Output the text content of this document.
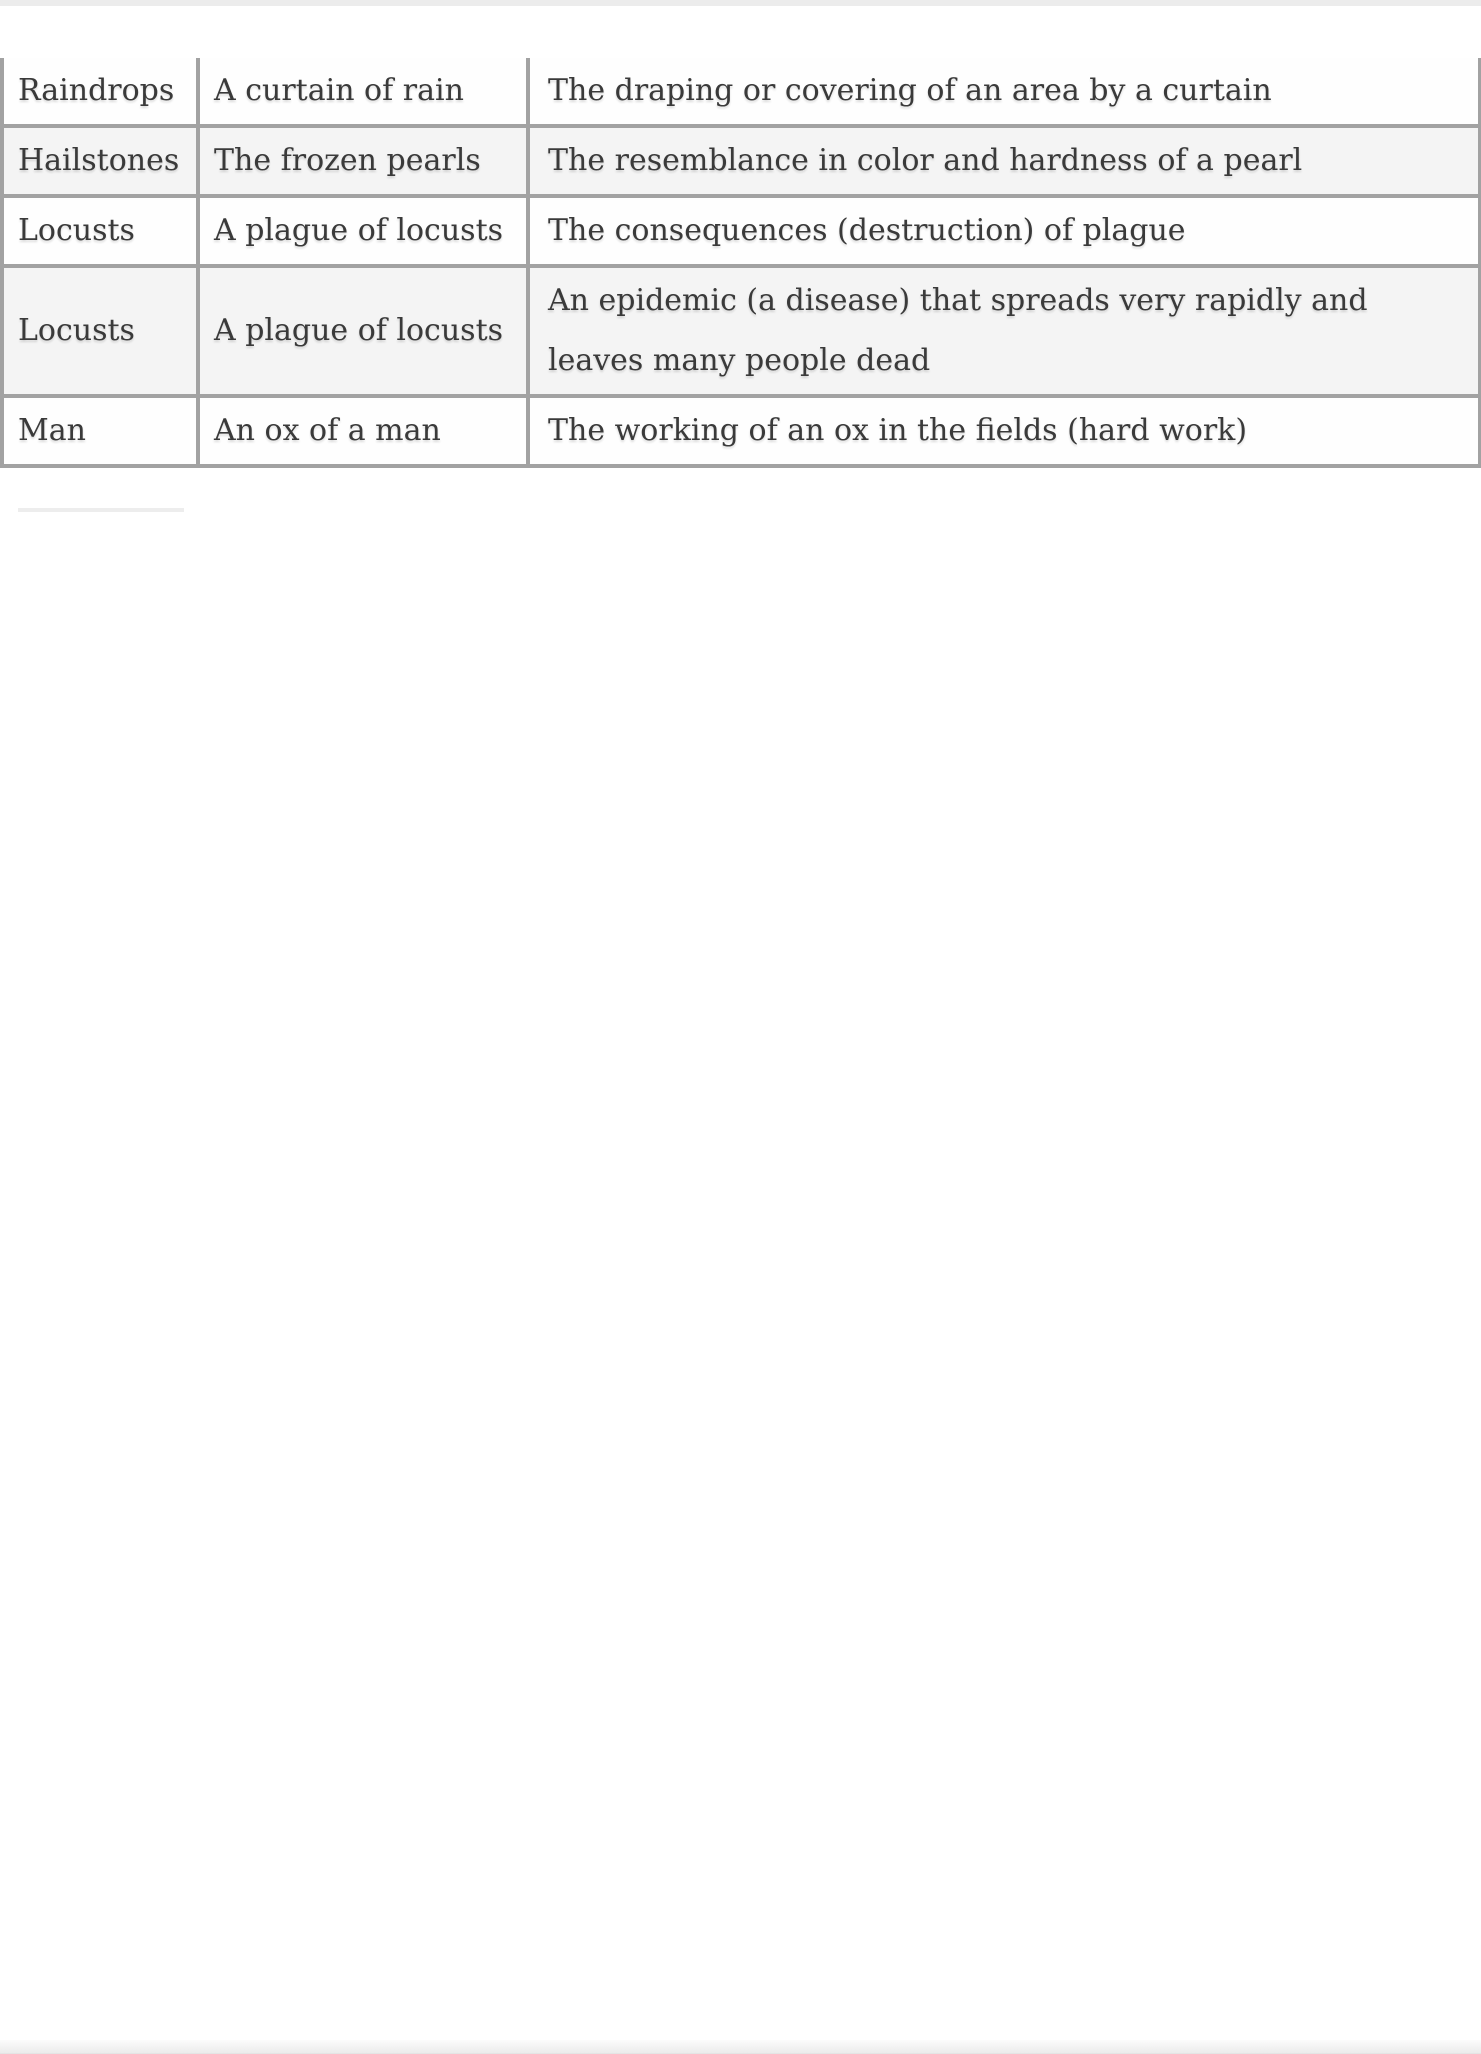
Raindrops	A curtain of rain	The draping or covering of an area by a curtain
Hailstones	The frozen pearls	The resemblance in color and hardness of a pearl
Locusts	A plague of locusts	The consequences (destruction) of plague
Locusts	A plague of locusts	An epidemic (a disease) that spreads very rapidly and leaves many people dead
Man	An ox of a man	The working of an ox in the fields (hard work)
